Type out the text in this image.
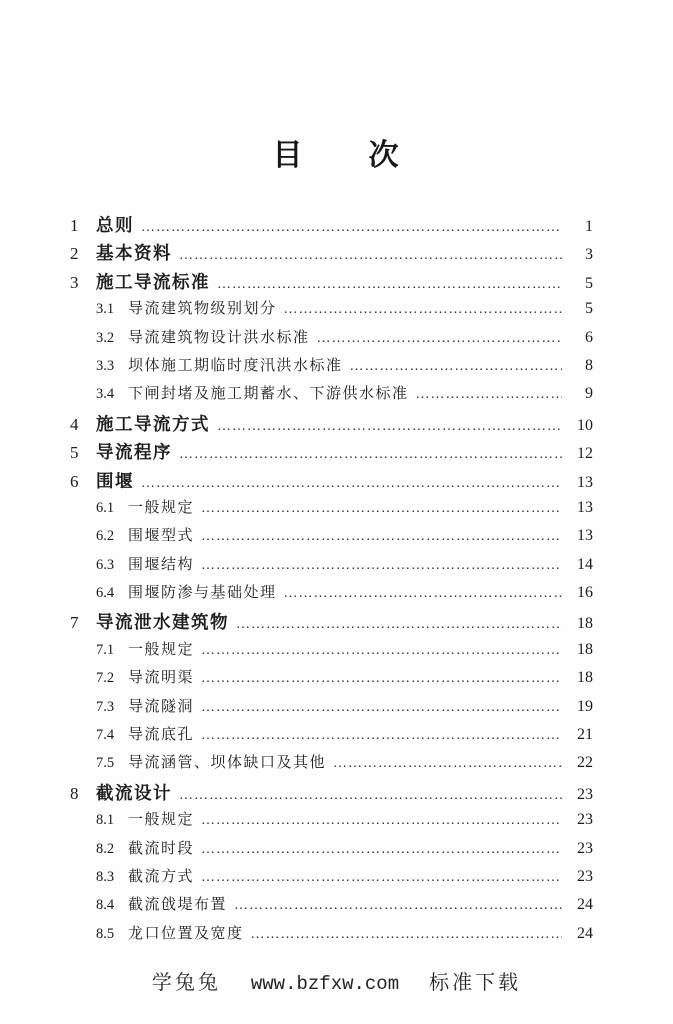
目　　次
1	总则 …………………………………………………………………………………………………………………………	1
2	基本资料 …………………………………………………………………………………………………………………………	3
3	施工导流标准 …………………………………………………………………………………………………………………………	5
3.1 导流建筑物级别划分 …………………………………………………………………………………………………………………………	5
3.2 导流建筑物设计洪水标准 …………………………………………………………………………………………………………………………	6
3.3 坝体施工期临时度汛洪水标准 …………………………………………………………………………………………………………………………	8
3.4 下闸封堵及施工期蓄水、下游供水标准 …………………………………………………………………………………………………………………………	9
4	施工导流方式 …………………………………………………………………………………………………………………………	10
5	导流程序 …………………………………………………………………………………………………………………………	12
6	围堰 …………………………………………………………………………………………………………………………	13
6.1 一般规定 …………………………………………………………………………………………………………………………	13
6.2 围堰型式 …………………………………………………………………………………………………………………………	13
6.3 围堰结构 …………………………………………………………………………………………………………………………	14
6.4 围堰防渗与基础处理 …………………………………………………………………………………………………………………………	16
7	导流泄水建筑物 …………………………………………………………………………………………………………………………	18
7.1 一般规定 …………………………………………………………………………………………………………………………	18
7.2 导流明渠 …………………………………………………………………………………………………………………………	18
7.3 导流隧洞 …………………………………………………………………………………………………………………………	19
7.4 导流底孔 …………………………………………………………………………………………………………………………	21
7.5 导流涵管、坝体缺口及其他 …………………………………………………………………………………………………………………………	22
8	截流设计 …………………………………………………………………………………………………………………………	23
8.1 一般规定 …………………………………………………………………………………………………………………………	23
8.2 截流时段 …………………………………………………………………………………………………………………………	23
8.3 截流方式 …………………………………………………………………………………………………………………………	23
8.4 截流戗堤布置 …………………………………………………………………………………………………………………………	24
8.5 龙口位置及宽度 …………………………………………………………………………………………………………………………	24
学兔兔 www.bzfxw.com 标准下载
